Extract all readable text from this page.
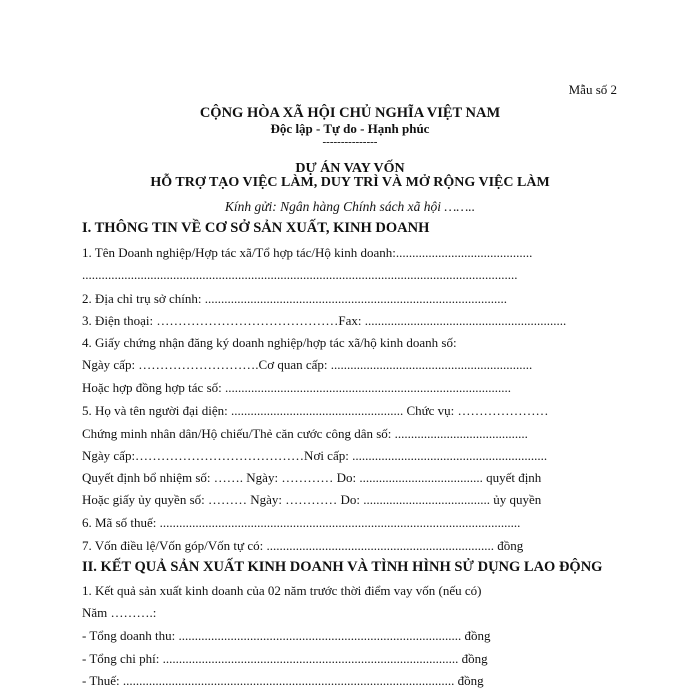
Mẫu số 2
CỘNG HÒA XÃ HỘI CHỦ NGHĨA VIỆT NAM
Độc lập - Tự do - Hạnh phúc
---------------
DỰ ÁN VAY VỐN
HỖ TRỢ TẠO VIỆC LÀM, DUY TRÌ VÀ MỞ RỘNG VIỆC LÀM
Kính gửi: Ngân hàng Chính sách xã hội ……..
I. THÔNG TIN VỀ CƠ SỞ SẢN XUẤT, KINH DOANH
1. Tên Doanh nghiệp/Hợp tác xã/Tổ hợp tác/Hộ kinh doanh:..........................................
......................................................................................................................................
2. Địa chỉ trụ sở chính: .............................................................................................
3. Điện thoại: ……………………………………Fax: ..............................................................
4. Giấy chứng nhận đăng ký doanh nghiệp/hợp tác xã/hộ kinh doanh số:
Ngày cấp: ……………………….Cơ quan cấp: ..............................................................
Hoặc hợp đồng hợp tác số: ........................................................................................
5. Họ và tên người đại diện: ..................................................... Chức vụ: …………………
Chứng minh nhân dân/Hộ chiếu/Thẻ căn cước công dân số: .........................................
Ngày cấp:…………………………………Nơi cấp: ............................................................
Quyết định bổ nhiệm số: ……. Ngày: ………… Do: ...................................... quyết định
Hoặc giấy ủy quyền số: ……… Ngày: ………… Do: ....................................... ủy quyền
6. Mã số thuế: ...............................................................................................................
7. Vốn điều lệ/Vốn góp/Vốn tự có: ...................................................................... đồng
II. KẾT QUẢ SẢN XUẤT KINH DOANH VÀ TÌNH HÌNH SỬ DỤNG LAO ĐỘNG
1. Kết quả sản xuất kinh doanh của 02 năm trước thời điểm vay vốn (nếu có)
Năm ……….:
- Tổng doanh thu: ....................................................................................... đồng
- Tổng chi phí: ........................................................................................... đồng
- Thuế: ...................................................................................................... đồng
